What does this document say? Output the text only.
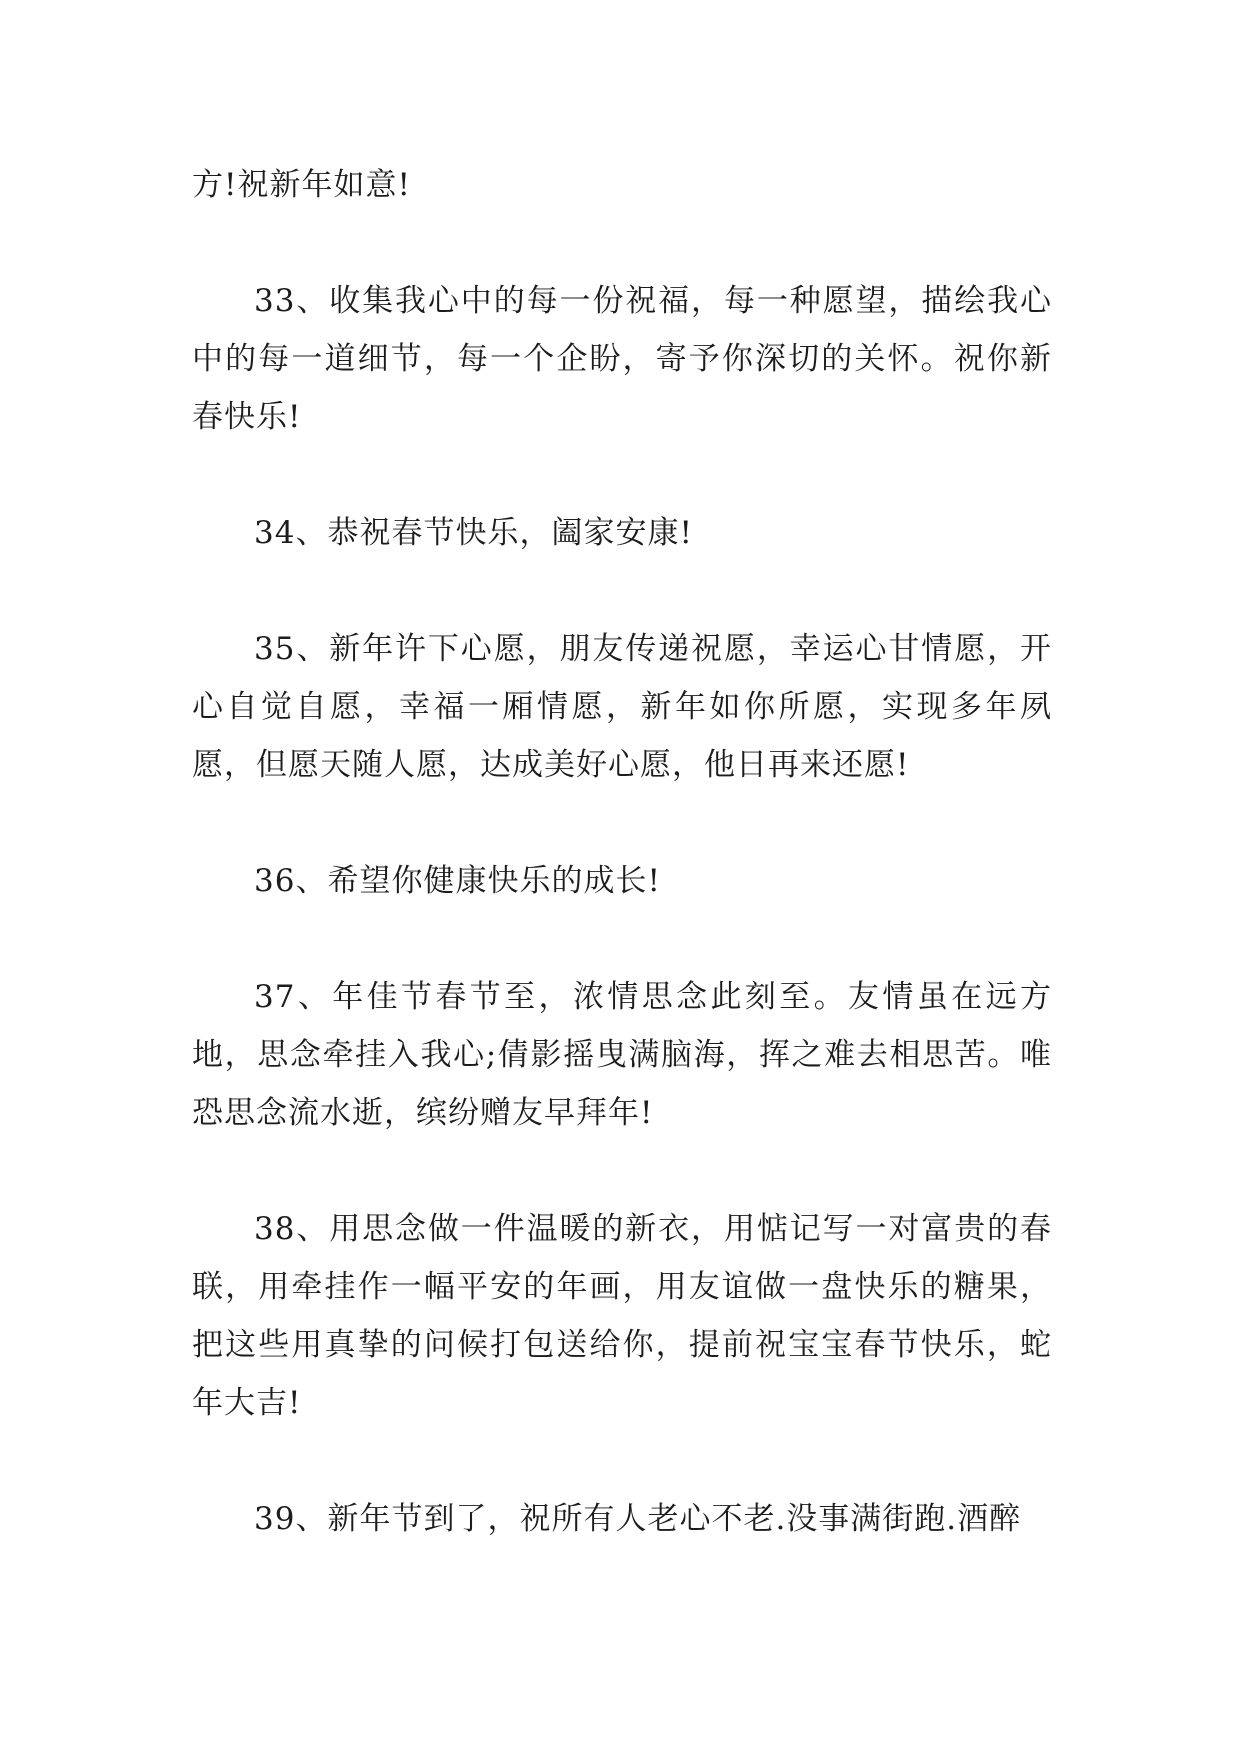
方!祝新年如意!

33、收集我心中的每一份祝福，每一种愿望，描绘我心中的每一道细节，每一个企盼，寄予你深切的关怀。祝你新春快乐!

34、恭祝春节快乐，阖家安康!

35、新年许下心愿，朋友传递祝愿，幸运心甘情愿，开心自觉自愿，幸福一厢情愿，新年如你所愿，实现多年夙愿，但愿天随人愿，达成美好心愿，他日再来还愿!

36、希望你健康快乐的成长!

37、年佳节春节至，浓情思念此刻至。友情虽在远方地，思念牵挂入我心;倩影摇曳满脑海，挥之难去相思苦。唯恐思念流水逝，缤纷赠友早拜年!

38、用思念做一件温暖的新衣，用惦记写一对富贵的春联，用牵挂作一幅平安的年画，用友谊做一盘快乐的糖果，把这些用真挚的问候打包送给你，提前祝宝宝春节快乐，蛇年大吉!

39、新年节到了，祝所有人老心不老.没事满街跑.酒醉
